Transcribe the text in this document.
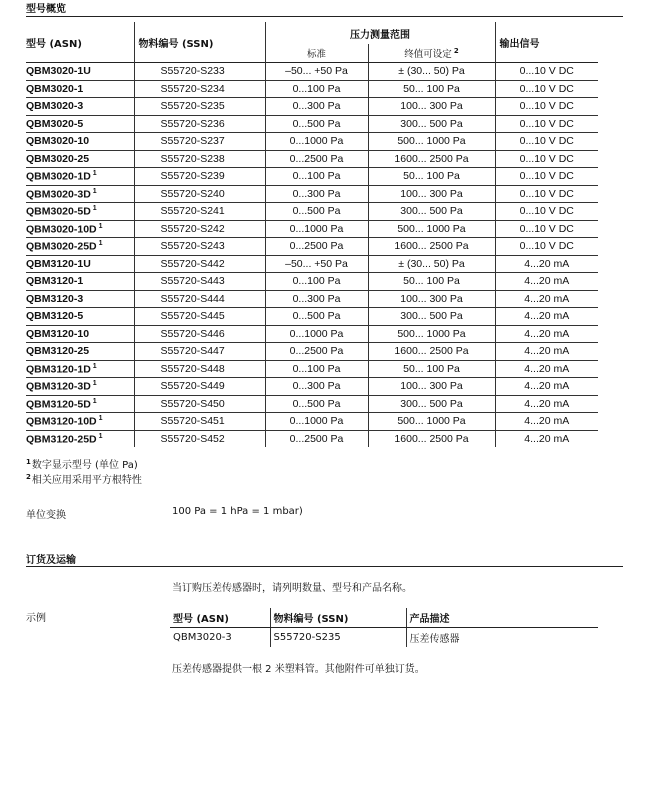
型号概览
型号 (ASN)	物料编号 (SSN)	压力测量范围		输出信号
		标准	终值可设定 $^2$
QBM3020-1U	S55720-S233	–50... +50 Pa	± (30... 50) Pa	0...10 V DC
QBM3020-1	S55720-S234	0...100 Pa	50... 100 Pa	0...10 V DC
QBM3020-3	S55720-S235	0...300 Pa	100... 300 Pa	0...10 V DC
QBM3020-5	S55720-S236	0...500 Pa	300... 500 Pa	0...10 V DC
QBM3020-10	S55720-S237	0...1000 Pa	500... 1000 Pa	0...10 V DC
QBM3020-25	S55720-S238	0...2500 Pa	1600... 2500 Pa	0...10 V DC
QBM3020-1D $^1$	S55720-S239	0...100 Pa	50... 100 Pa	0...10 V DC
QBM3020-3D $^1$	S55720-S240	0...300 Pa	100... 300 Pa	0...10 V DC
QBM3020-5D $^1$	S55720-S241	0...500 Pa	300... 500 Pa	0...10 V DC
QBM3020-10D $^1$	S55720-S242	0...1000 Pa	500... 1000 Pa	0...10 V DC
QBM3020-25D $^1$	S55720-S243	0...2500 Pa	1600... 2500 Pa	0...10 V DC
QBM3120-1U	S55720-S442	–50... +50 Pa	± (30... 50) Pa	4...20 mA
QBM3120-1	S55720-S443	0...100 Pa	50... 100 Pa	4...20 mA
QBM3120-3	S55720-S444	0...300 Pa	100... 300 Pa	4...20 mA
QBM3120-5	S55720-S445	0...500 Pa	300... 500 Pa	4...20 mA
QBM3120-10	S55720-S446	0...1000 Pa	500... 1000 Pa	4...20 mA
QBM3120-25	S55720-S447	0...2500 Pa	1600... 2500 Pa	4...20 mA
QBM3120-1D $^1$	S55720-S448	0...100 Pa	50... 100 Pa	4...20 mA
QBM3120-3D $^1$	S55720-S449	0...300 Pa	100... 300 Pa	4...20 mA
QBM3120-5D $^1$	S55720-S450	0...500 Pa	300... 500 Pa	4...20 mA
QBM3120-10D $^1$	S55720-S451	0...1000 Pa	500... 1000 Pa	4...20 mA
QBM3120-25D $^1$	S55720-S452	0...2500 Pa	1600... 2500 Pa	4...20 mA
$^1$数字显示型号 (单位 Pa)
$^2$相关应用采用平方根特性
单位变换	100 Pa = 1 hPa = 1 mbar)
订货及运输
当订购压差传感器时，请列明数量、型号和产品名称。
示例	型号 (ASN)	物料编号 (SSN)	产品描述
QBM3020-3	S55720-S235	压差传感器
压差传感器提供一根 2 米塑料管。其他附件可单独订货。
